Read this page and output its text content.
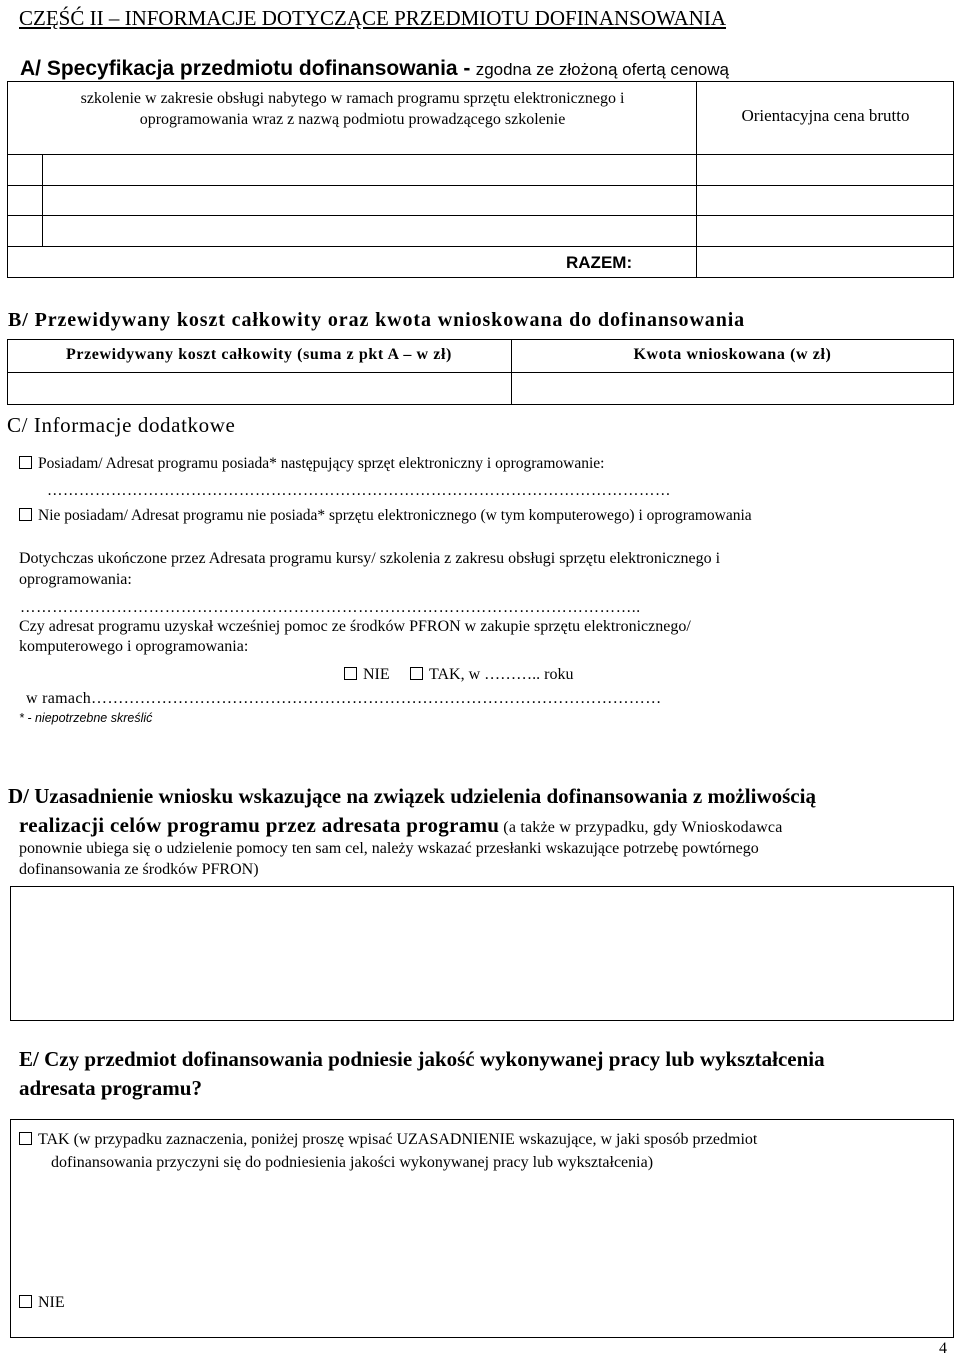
CZĘŚĆ II – INFORMACJE DOTYCZĄCE PRZEDMIOTU DOFINANSOWANIA
A/ Specyfikacja przedmiotu dofinansowania - zgodna ze złożoną ofertą cenową
szkolenie w zakresie obsługi nabytego w ramach programu sprzętu elektronicznego i oprogramowania wraz z nazwą podmiotu prowadzącego szkolenie	Orientacyjna cena brutto
RAZEM:
B/ Przewidywany koszt całkowity oraz kwota wnioskowana do dofinansowania
Przewidywany koszt całkowity (suma z pkt A – w zł)	Kwota wnioskowana (w zł)
C/ Informacje dodatkowe
Posiadam/ Adresat programu posiada* następujący sprzęt elektroniczny i oprogramowanie:
………………………………………………………………………………………………………
Nie posiadam/ Adresat programu nie posiada* sprzętu elektronicznego (w tym komputerowego) i oprogramowania
Dotychczas ukończone przez Adresata programu kursy/ szkolenia z zakresu obsługi sprzętu elektronicznego i
oprogramowania:
……………………………………………………………………………………………………..
Czy adresat programu uzyskał wcześniej pomoc ze środków PFRON w zakupie sprzętu elektronicznego/
komputerowego i oprogramowania:
NIE	TAK, w ……….. roku
w ramach……………………………………………………………………………………………
* - niepotrzebne skreślić
D/ Uzasadnienie wniosku wskazujące na związek udzielenia dofinansowania z możliwością
realizacji celów programu przez adresata programu (a także w przypadku, gdy Wnioskodawca
ponownie ubiega się o udzielenie pomocy ten sam cel, należy wskazać przesłanki wskazujące potrzebę powtórnego
dofinansowania ze środków PFRON)
E/ Czy przedmiot dofinansowania podniesie jakość wykonywanej pracy lub wykształcenia
adresata programu?
TAK (w przypadku zaznaczenia, poniżej proszę wpisać UZASADNIENIE wskazujące, w jaki sposób przedmiot
dofinansowania przyczyni się do podniesienia jakości wykonywanej pracy lub wykształcenia)
NIE
4
